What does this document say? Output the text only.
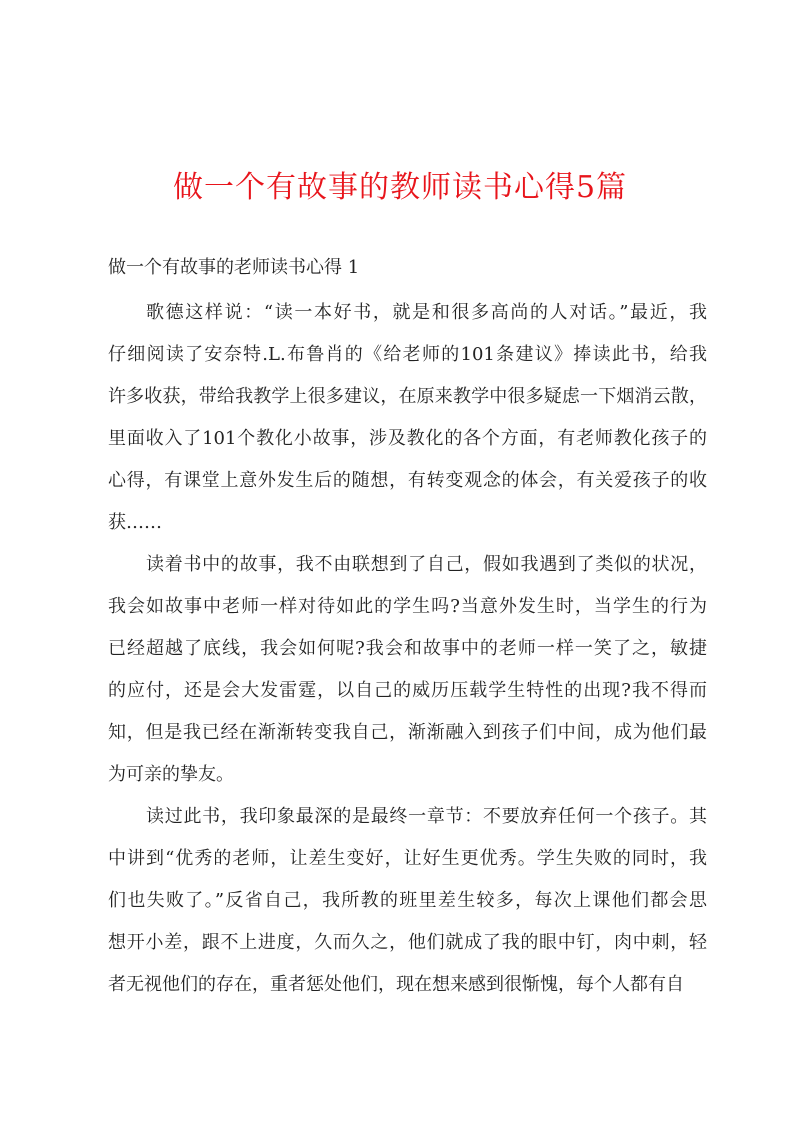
做一个有故事的教师读书心得5篇
做一个有故事的老师读书心得 1
歌德这样说：“读一本好书，就是和很多高尚的人对话。”最近，我
仔细阅读了安奈特.L.布鲁肖的《给老师的101条建议》捧读此书，给我
许多收获，带给我教学上很多建议，在原来教学中很多疑虑一下烟消云散，
里面收入了101个教化小故事，涉及教化的各个方面，有老师教化孩子的
心得，有课堂上意外发生后的随想，有转变观念的体会，有关爱孩子的收
获……
读着书中的故事，我不由联想到了自己，假如我遇到了类似的状况，
我会如故事中老师一样对待如此的学生吗?当意外发生时，当学生的行为
已经超越了底线，我会如何呢?我会和故事中的老师一样一笑了之，敏捷
的应付，还是会大发雷霆，以自己的威历压载学生特性的出现?我不得而
知，但是我已经在渐渐转变我自己，渐渐融入到孩子们中间，成为他们最
为可亲的挚友。
读过此书，我印象最深的是最终一章节：不要放弃任何一个孩子。其
中讲到“优秀的老师，让差生变好，让好生更优秀。学生失败的同时，我
们也失败了。”反省自己，我所教的班里差生较多，每次上课他们都会思
想开小差，跟不上进度，久而久之，他们就成了我的眼中钉，肉中刺，轻
者无视他们的存在，重者惩处他们，现在想来感到很惭愧，每个人都有自
